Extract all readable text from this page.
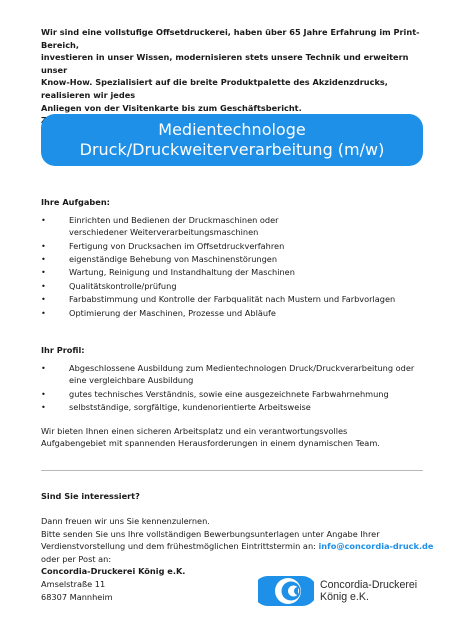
Wir sind eine vollstufige Offsetdruckerei, haben über 65 Jahre Erfahrung im Print-Bereich,

investieren in unser Wissen, modernisieren stets unsere Technik und erweitern unser

Know-How. Spezialisiert auf die breite Produktpalette des Akzidenzdrucks, realisieren wir jedes

Anliegen von der Visitenkarte bis zum Geschäftsbericht.

Medientechnologe
Druck/Druckweiterverarbeitung (m/w)
Ihre Aufgaben:
•	Einrichten und Bedienen der Druckmaschinen oder
verschiedener Weiterverarbeitungsmaschinen
•	Fertigung von Drucksachen im Offsetdruckverfahren
•	eigenständige Behebung von Maschinenstörungen
•	Wartung, Reinigung und Instandhaltung der Maschinen
•	Qualitätskontrolle/prüfung
•	Farbabstimmung und Kontrolle der Farbqualität nach Mustern und Farbvorlagen
•	Optimierung der Maschinen, Prozesse und Abläufe
Ihr Profil:
•	Abgeschlossene Ausbildung zum Medientechnologen Druck/Druckverarbeitung oder
eine vergleichbare Ausbildung
•	gutes technisches Verständnis, sowie eine ausgezeichnete Farbwahrnehmung
•	selbstständige, sorgfältige, kundenorientierte Arbeitsweise
Wir bieten Ihnen einen sicheren Arbeitsplatz und ein verantwortungsvolles
Aufgabengebiet mit spannenden Herausforderungen in einem dynamischen Team.
Sind Sie interessiert?
Dann freuen wir uns Sie kennenzulernen.
Bitte senden Sie uns Ihre vollständigen Bewerbungsunterlagen unter Angabe Ihrer
Verdienstvorstellung und dem frühestmöglichen Eintrittstermin an: info@concordia-druck.de
oder per Post an:
Concordia-Druckerei König e.K.
Amselstraße 11
68307 Mannheim
Concordia-Druckerei
König e.K.
